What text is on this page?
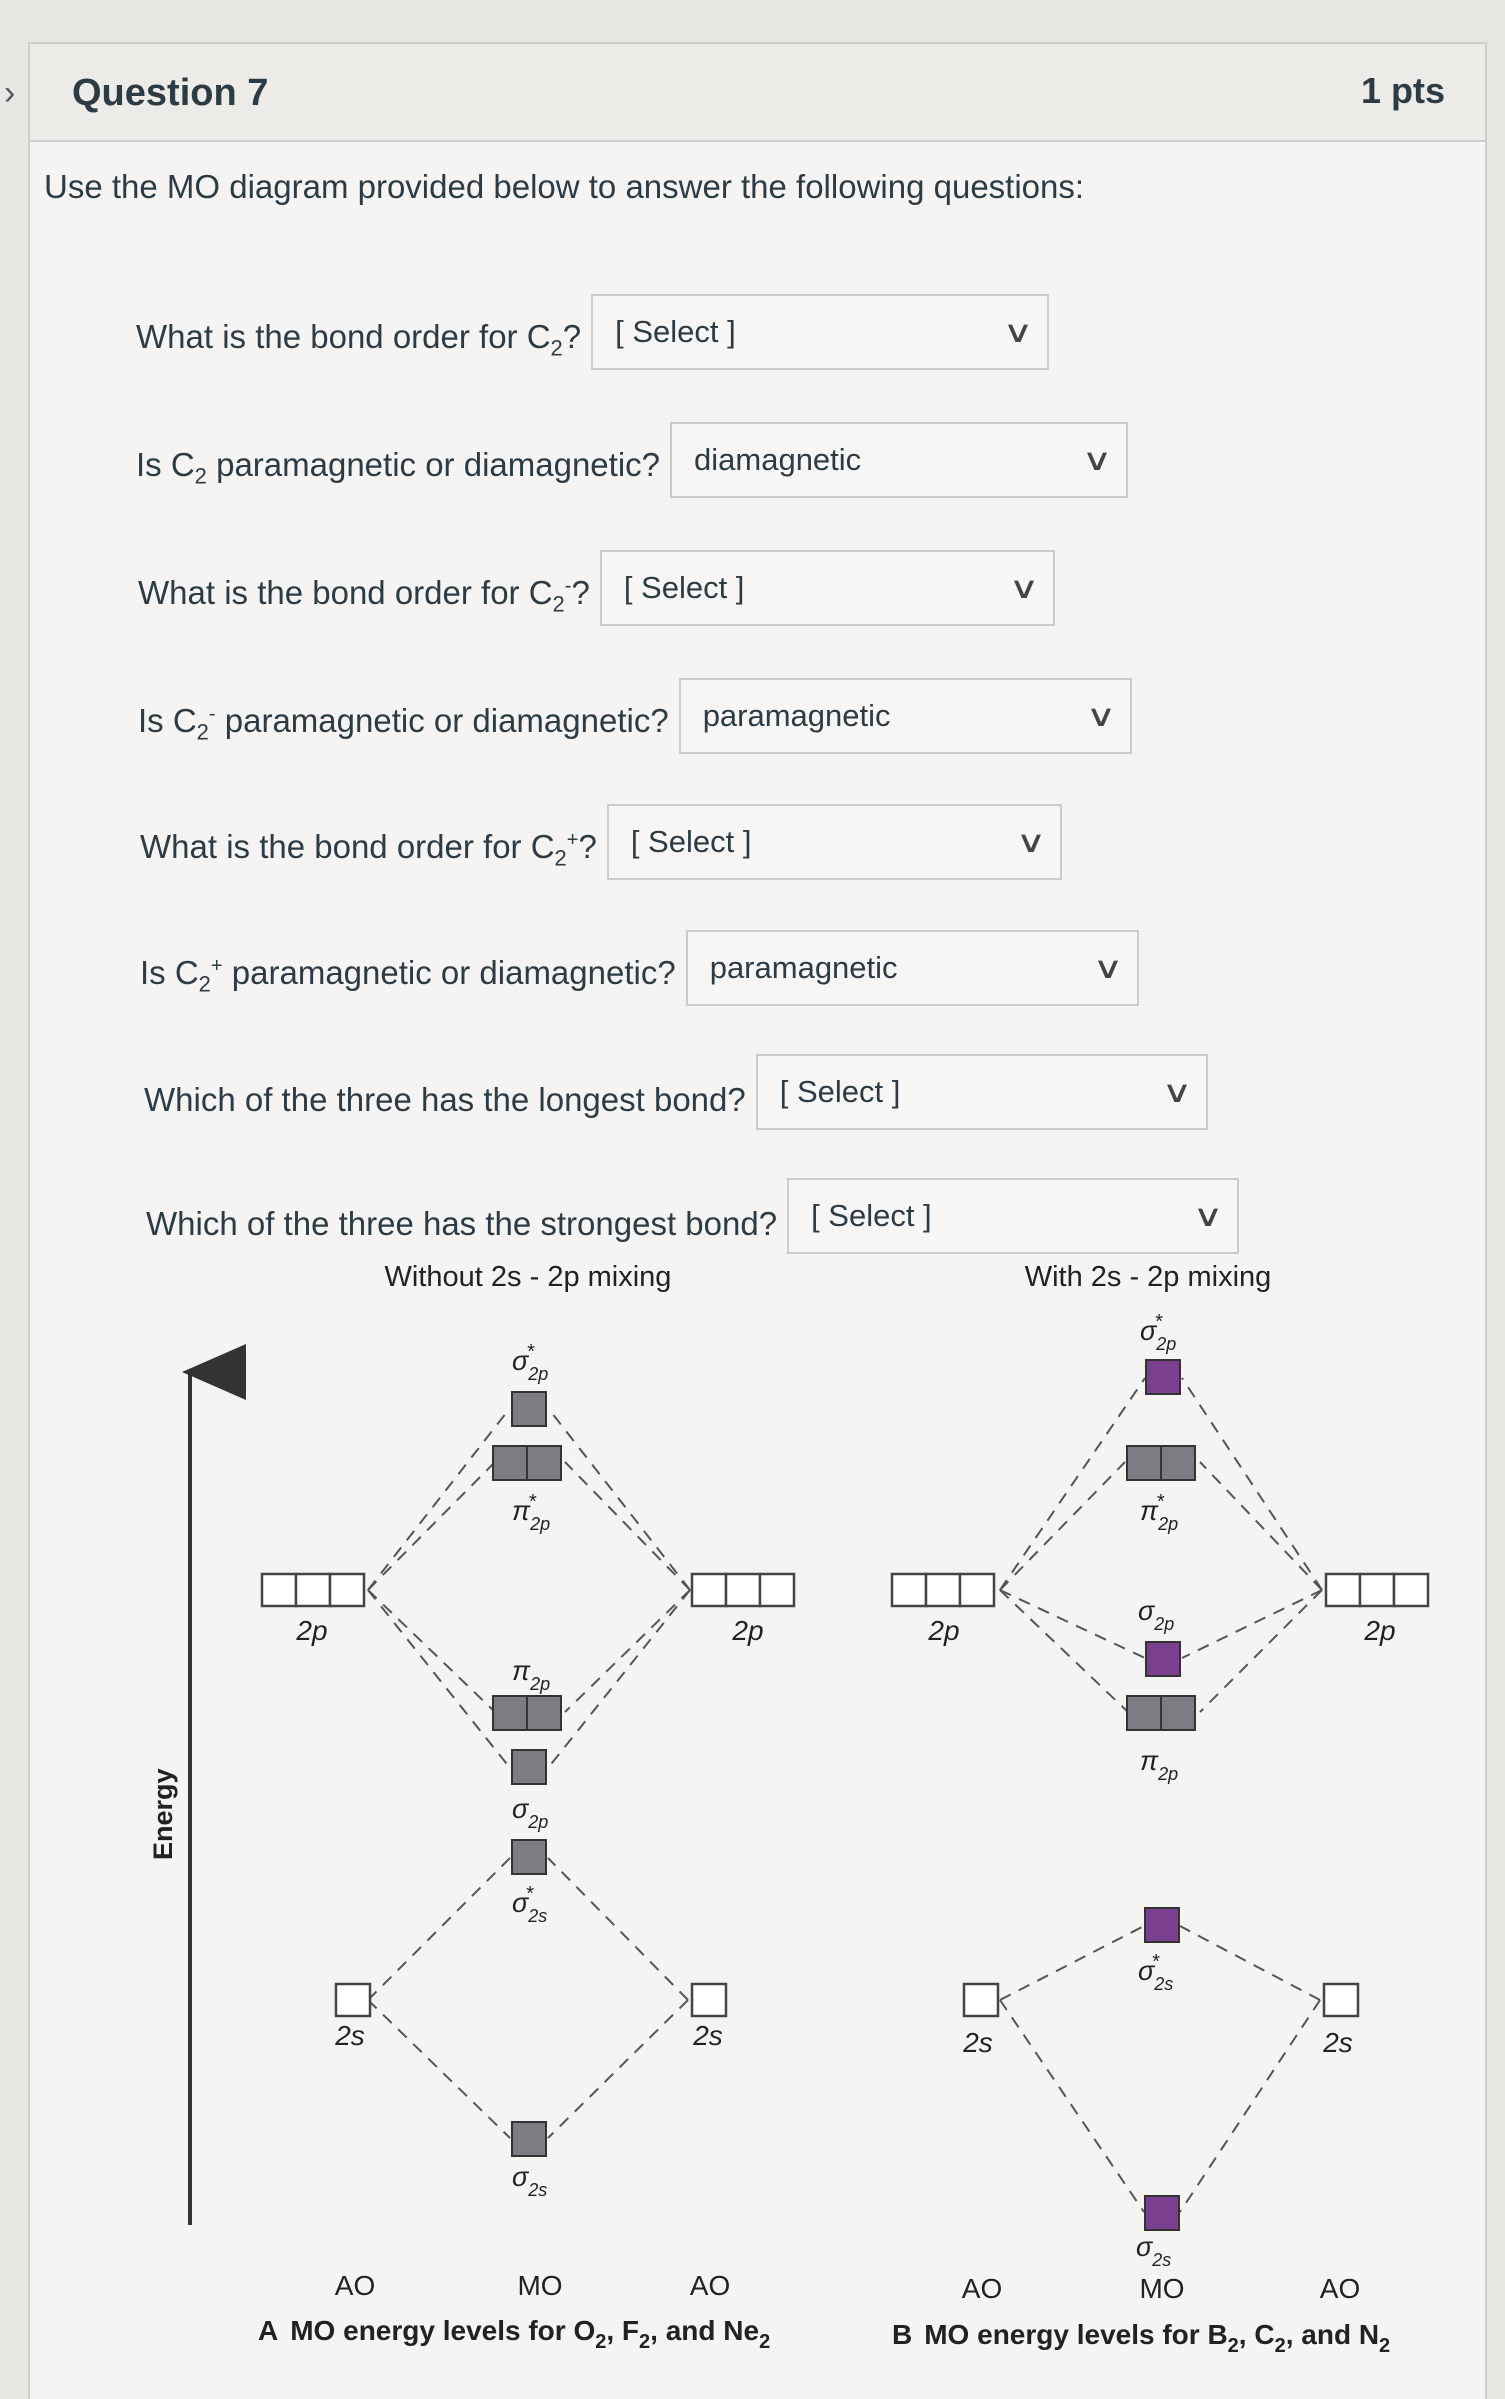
› Question 7	1 pts
Use the MO diagram provided below to answer the following questions:
What is the bond order for $C_2$? [ Select ]	∨
Is $C_2$ paramagnetic or diamagnetic? diamagnetic	∨
What is the bond order for $C_2^-$? [ Select ]	∨
Is $C_2^-$ paramagnetic or diamagnetic? paramagnetic	∨
What is the bond order for $C_2^+$? [ Select ]	∨
Is $C_2^+$ paramagnetic or diamagnetic? paramagnetic	∨
Which of the three has the longest bond? [ Select ]	∨
Which of the three has the strongest bond? [ Select ]	∨
Without 2s - 2p mixing	With 2s - 2p mixing
Energy
2p	2p
2s	2s
$\sigma_{2p}*$
$\pi_{2p}*$
$\pi_{2p}$
$\sigma_{2p}$
$\sigma_{2s}*$
$\sigma_{2s}$
AO	MO	AO
A MO energy levels for $O_2$, $F_2$, and $Ne_2$
2p	2p
2s	2s
$\sigma_{2p}*$
$\pi_{2p}*$
$\sigma_{2p}$
$\pi_{2p}$
$\sigma_{2s}*$
$\sigma_{2s}$
AO	MO	AO
B MO energy levels for $B_2$, $C_2$, and $N_2$
